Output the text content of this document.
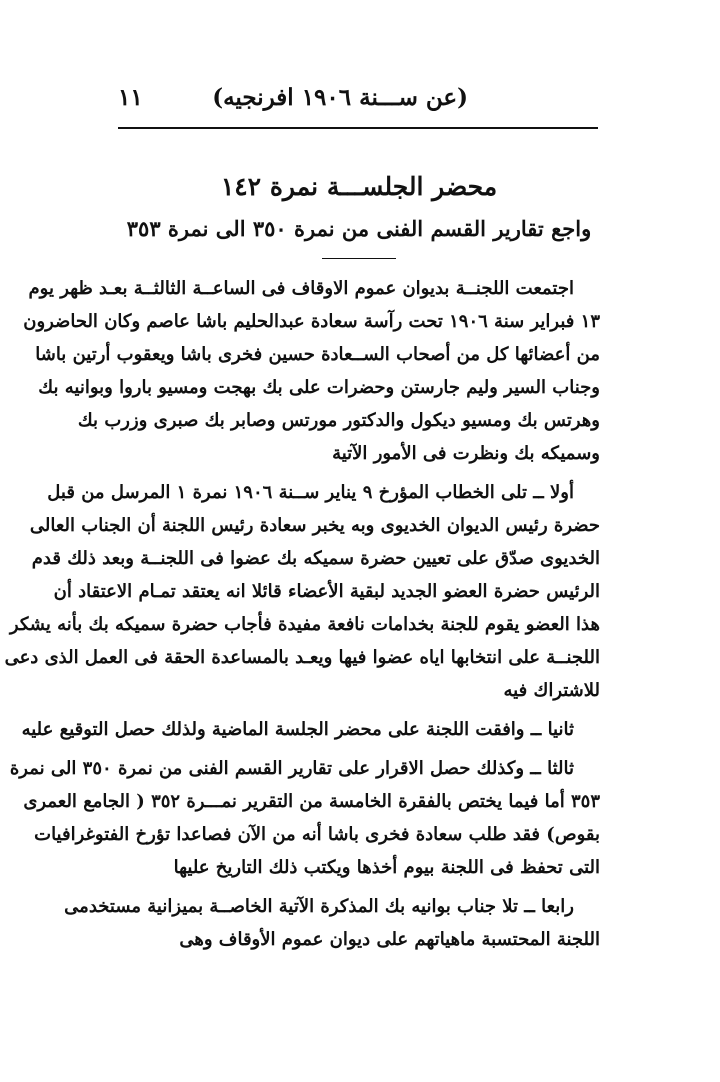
(عن ســـنة ١٩٠٦ افرنجيه)
١١
محضر الجلســـة نمرة ١٤٢
واجع تقارير القسم الفنى من نمرة ٣٥٠ الى نمرة ٣٥٣
اجتمعت اللجنــة بديوان عموم الاوقاف فى الساعــة الثالثــة بعـد ظهر يوم
١٣ فبراير سنة ١٩٠٦ تحت رآسة سعادة عبدالحليم باشا عاصم وكان الحاضرون
من أعضائها كل من أصحاب الســعادة حسين فخرى باشا ويعقوب أرتين باشا
وجناب السير وليم جارستن وحضرات على بك بهجت ومسيو باروا وبوانيه بك
وهرتس بك ومسيو ديكول والدكتور مورتس وصابر بك صبرى وزرب بك
وسميكه بك ونظرت فى الأمور الآتية
أولا ــ تلى الخطاب المؤرخ ٩ يناير ســنة ١٩٠٦ نمرة ١ المرسل من قبل
حضرة رئيس الديوان الخديوى وبه يخبر سعادة رئيس اللجنة أن الجناب العالى
الخديوى صدّق على تعيين حضرة سميكه بك عضوا فى اللجنــة وبعد ذلك قدم
الرئيس حضرة العضو الجديد لبقية الأعضاء قائلا انه يعتقد تمـام الاعتقاد أن
هذا العضو يقوم للجنة بخدامات نافعة مفيدة فأجاب حضرة سميكه بك بأنه يشكر
اللجنــة على انتخابها اياه عضوا فيها ويعـد بالمساعدة الحقة فى العمل الذى دعى
للاشتراك فيه
ثانيا ــ وافقت اللجنة على محضر الجلسة الماضية ولذلك حصل التوقيع عليه
ثالثا ــ وكذلك حصل الاقرار على تقارير القسم الفنى من نمرة ٣٥٠ الى نمرة
٣٥٣ أما فيما يختص بالفقرة الخامسة من التقرير نمـــرة ٣٥٢ ( الجامع العمرى
بقوص) فقد طلب سعادة فخرى باشا أنه من الآن فصاعدا تؤرخ الفتوغرافيات
التى تحفظ فى اللجنة بيوم أخذها ويكتب ذلك التاريخ عليها
رابعا ــ تلا جناب بوانيه بك المذكرة الآتية الخاصــة بميزانية مستخدمى
اللجنة المحتسبة ماهياتهم على ديوان عموم الأوقاف وهى
